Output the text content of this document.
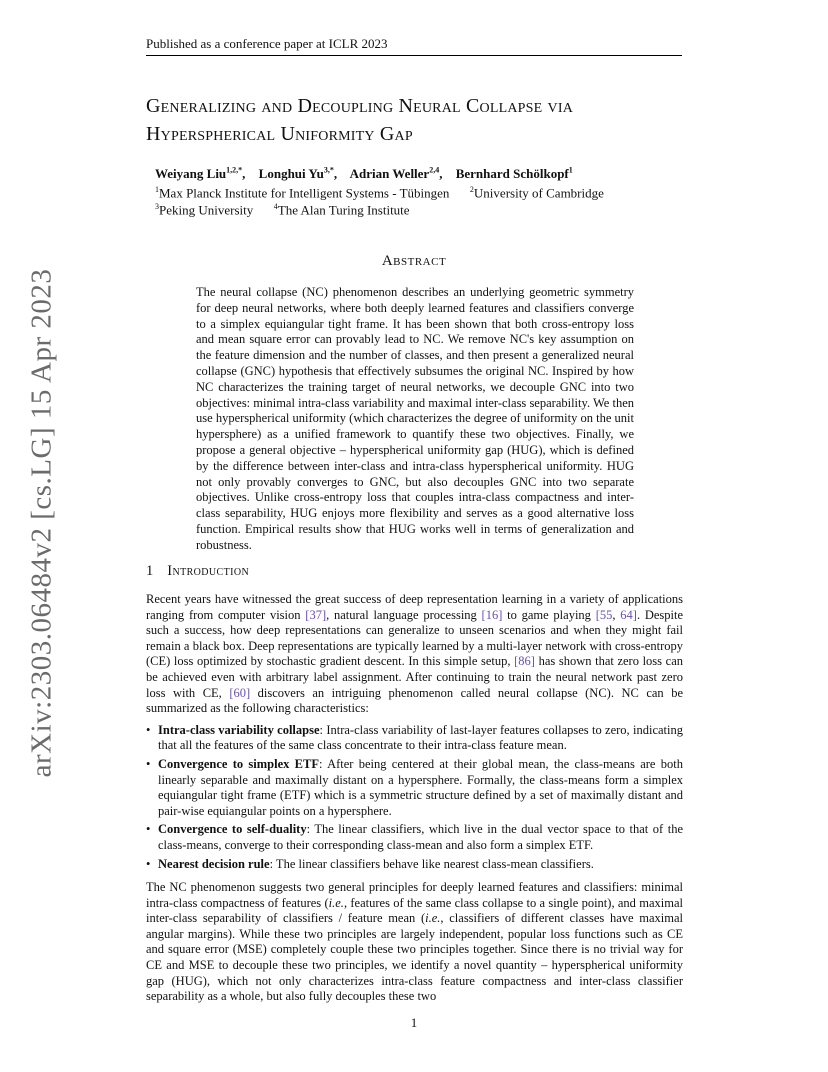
Published as a conference paper at ICLR 2023
arXiv:2303.06484v2 [cs.LG] 15 Apr 2023
Generalizing and Decoupling Neural Collapse via
Hyperspherical Uniformity Gap
Weiyang Liu$^{1,2,*}$, Longhui $Yu^{3,*}$, Adrian Weller$^{2,4}$, Bernhard Schölkopf$^1$
$^1$Max Planck Institute for Intelligent Systems - Tübingen	$^2$University of Cambridge
$^3$Peking University	$^4$The Alan Turing Institute
Abstract

The neural collapse (NC) phenomenon describes an underlying geometric symmetry for deep neural networks, where both deeply learned features and classifiers converge to a simplex equiangular tight frame. It has been shown that both cross-entropy loss and mean square error can provably lead to NC. We remove NC's key assumption on the feature dimension and the number of classes, and then present a generalized neural collapse (GNC) hypothesis that effectively subsumes the original NC. Inspired by how NC characterizes the training target of neural networks, we decouple GNC into two objectives: minimal intra-class variability and maximal inter-class separability. We then use hyperspherical uniformity (which characterizes the degree of uniformity on the unit hypersphere) as a unified framework to quantify these two objectives. Finally, we propose a general objective – hyperspherical uniformity gap (HUG), which is defined by the difference between inter-class and intra-class hyperspherical uniformity. HUG not only provably converges to GNC, but also decouples GNC into two separate objectives. Unlike cross-entropy loss that couples intra-class compactness and inter-class separability, HUG enjoys more flexibility and serves as a good alternative loss function. Empirical results show that HUG works well in terms of generalization and robustness.

1 Introduction

Recent years have witnessed the great success of deep representation learning in a variety of applications ranging from computer vision [37], natural language processing [16] to game playing [55, 64]. Despite such a success, how deep representations can generalize to unseen scenarios and when they might fail remain a black box. Deep representations are typically learned by a multi-layer network with cross-entropy (CE) loss optimized by stochastic gradient descent. In this simple setup, [86] has shown that zero loss can be achieved even with arbitrary label assignment. After continuing to train the neural network past zero loss with CE, [60] discovers an intriguing phenomenon called neural collapse (NC). NC can be summarized as the following characteristics:

• Intra-class variability collapse: Intra-class variability of last-layer features collapses to zero, indicating that all the features of the same class concentrate to their intra-class feature mean.
• Convergence to simplex ETF: After being centered at their global mean, the class-means are both linearly separable and maximally distant on a hypersphere. Formally, the class-means form a simplex equiangular tight frame (ETF) which is a symmetric structure defined by a set of maximally distant and pair-wise equiangular points on a hypersphere.
• Convergence to self-duality: The linear classifiers, which live in the dual vector space to that of the class-means, converge to their corresponding class-mean and also form a simplex ETF.
• Nearest decision rule: The linear classifiers behave like nearest class-mean classifiers.

The NC phenomenon suggests two general principles for deeply learned features and classifiers: minimal intra-class compactness of features (i.e., features of the same class collapse to a single point), and maximal inter-class separability of classifiers / feature mean (i.e., classifiers of different classes have maximal angular margins). While these two principles are largely independent, popular loss functions such as CE and square error (MSE) completely couple these two principles together. Since there is no trivial way for CE and MSE to decouple these two principles, we identify a novel quantity – hyperspherical uniformity gap (HUG), which not only characterizes intra-class feature compactness and inter-class classifier separability as a whole, but also fully decouples these two

1
